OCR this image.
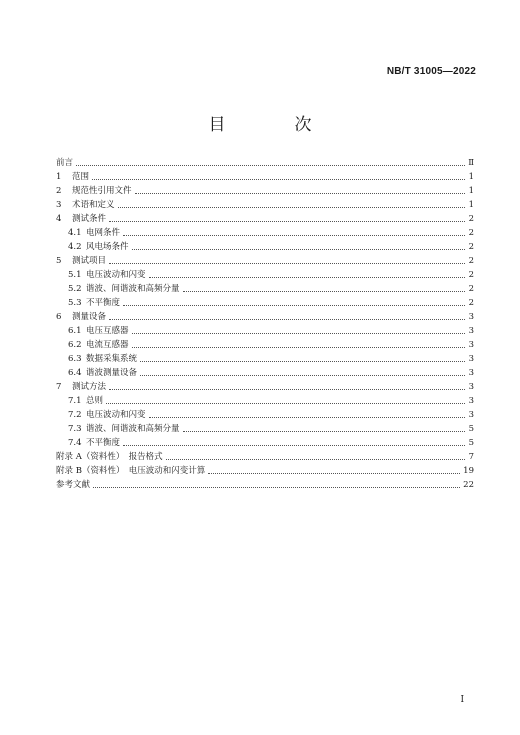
NB/T 31005—2022
目　次
前言	Ⅱ
1	范围	1
2	规范性引用文件	1
3	术语和定义	1
4	测试条件	2
4.1 电网条件	2
4.2 风电场条件	2
5	测试项目	2
5.1 电压波动和闪变	2
5.2 谐波、间谐波和高频分量	2
5.3 不平衡度	2
6	测量设备	3
6.1 电压互感器	3
6.2 电流互感器	3
6.3 数据采集系统	3
6.4 谐波测量设备	3
7	测试方法	3
7.1 总则	3
7.2 电压波动和闪变	3
7.3 谐波、间谐波和高频分量	5
7.4 不平衡度	5
附录 A（资料性）　报告格式	7
附录 B（资料性）　电压波动和闪变计算	19
参考文献	22
I
